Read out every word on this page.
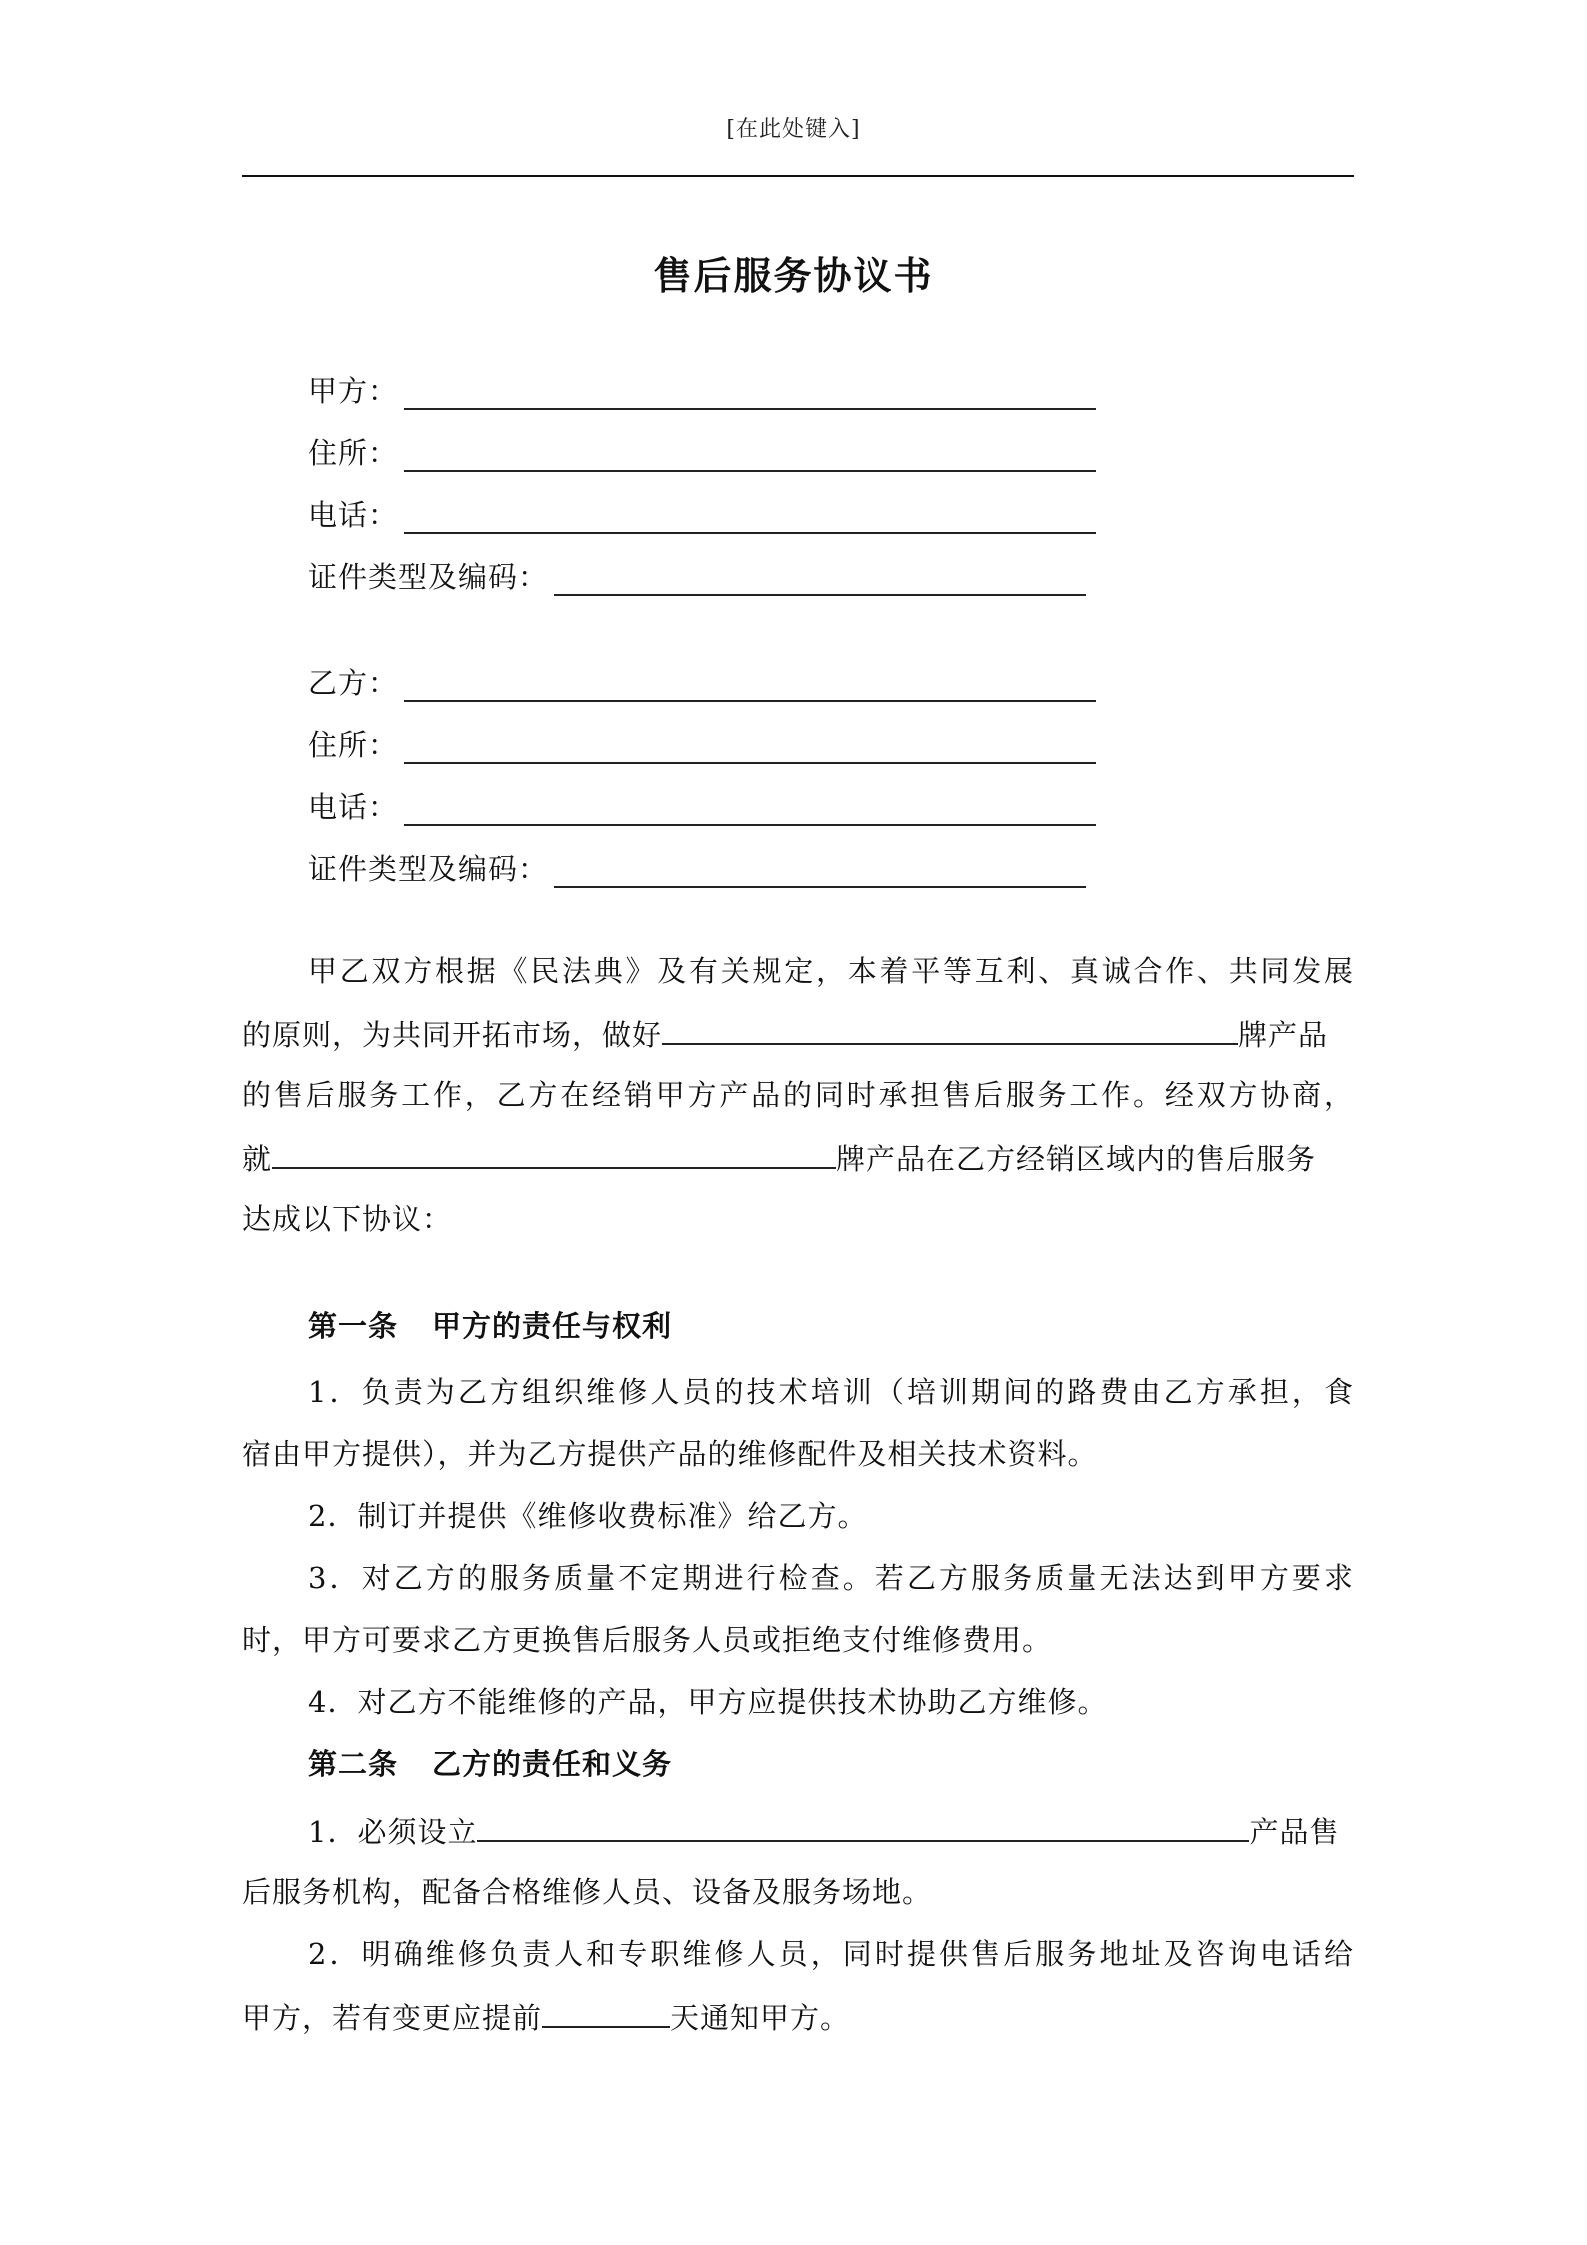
[在此处键入]
售后服务协议书
甲方：
住所：
电话：
证件类型及编码：
乙方：
住所：
电话：
证件类型及编码：
甲乙双方根据《民法典》及有关规定，本着平等互利、真诚合作、共同发展
的原则，为共同开拓市场，做好	牌产品
的售后服务工作，乙方在经销甲方产品的同时承担售后服务工作。经双方协商，
就	牌产品在乙方经销区域内的售后服务
达成以下协议：
第一条 甲方的责任与权利
1．负责为乙方组织维修人员的技术培训（培训期间的路费由乙方承担，食
宿由甲方提供），并为乙方提供产品的维修配件及相关技术资料。
2．制订并提供《维修收费标准》给乙方。
3．对乙方的服务质量不定期进行检查。若乙方服务质量无法达到甲方要求
时，甲方可要求乙方更换售后服务人员或拒绝支付维修费用。
4．对乙方不能维修的产品，甲方应提供技术协助乙方维修。
第二条 乙方的责任和义务
1．必须设立	产品售
后服务机构，配备合格维修人员、设备及服务场地。
2．明确维修负责人和专职维修人员，同时提供售后服务地址及咨询电话给
甲方，若有变更应提前	天通知甲方。
